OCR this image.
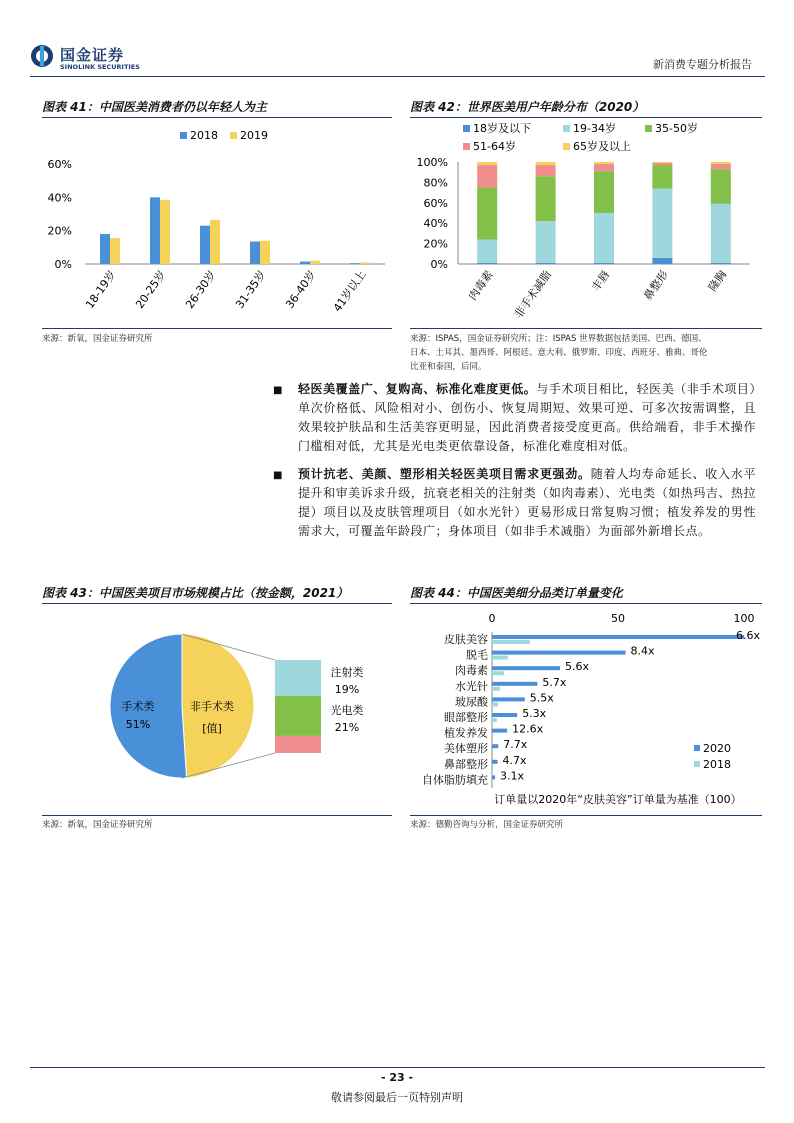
国金证券
SINOLINK SECURITIES	新消费专题分析报告
图表 41：中国医美消费者仍以年轻人为主
2018 2019
0%
20%
40%
60%
18-19岁 20-25岁 26-30岁 31-35岁 36-40岁 41岁以上
来源：新氧，国金证券研究所
图表 42：世界医美用户年龄分布（2020）
18岁及以下	19-34岁	35-50岁
51-64岁	65岁及以上
0%
20%
40%
60%
80%
100%
肉毒素 非手术减脂	丰唇	鼻整形	隆胸
来源：ISPAS，国金证券研究所；注：ISPAS 世界数据包括美国、巴西、德国、
日本、土耳其、墨西哥、阿根廷、意大利、俄罗斯、印度、西班牙、雅典、哥伦
比亚和泰国，后同。
■ 轻医美覆盖广、复购高、标准化难度更低。与手术项目相比，轻医美（非手术项目）单次价格低、风险相对小、创伤小、恢复周期短、效果可逆、可多次按需调整，且效果较护肤品和生活美容更明显，因此消费者接受度更高。供给端看，非手术操作门槛相对低，尤其是光电类更依靠设备，标准化难度相对低。
■ 预计抗老、美颜、塑形相关轻医美项目需求更强劲。随着人均寿命延长、收入水平提升和审美诉求升级，抗衰老相关的注射类（如肉毒素）、光电类（如热玛吉、热拉提）项目以及皮肤管理项目（如水光针）更易形成日常复购习惯；植发养发的男性需求大，可覆盖年龄段广；身体项目（如非手术减脂）为面部外新增长点。
图表 43：中国医美项目市场规模占比（按金额，2021）
手术类
51%
非手术类
[值]
注射类
19%
光电类
21%
来源：新氧，国金证券研究所
图表 44：中国医美细分品类订单量变化
0	50	100
皮肤美容	6.6x
脱毛	8.4x
肉毒素	5.6x
水光针	5.7x
玻尿酸	5.5x
眼部整形	5.3x
植发养发 12.6x
美体塑形 7.7x
鼻部整形 4.7x
自体脂肪填充 3.1x
2020
2018
订单量以2020年“皮肤美容”订单量为基准（100）
来源：德勤咨询与分析，国金证券研究所
- 23 -
敬请参阅最后一页特别声明
